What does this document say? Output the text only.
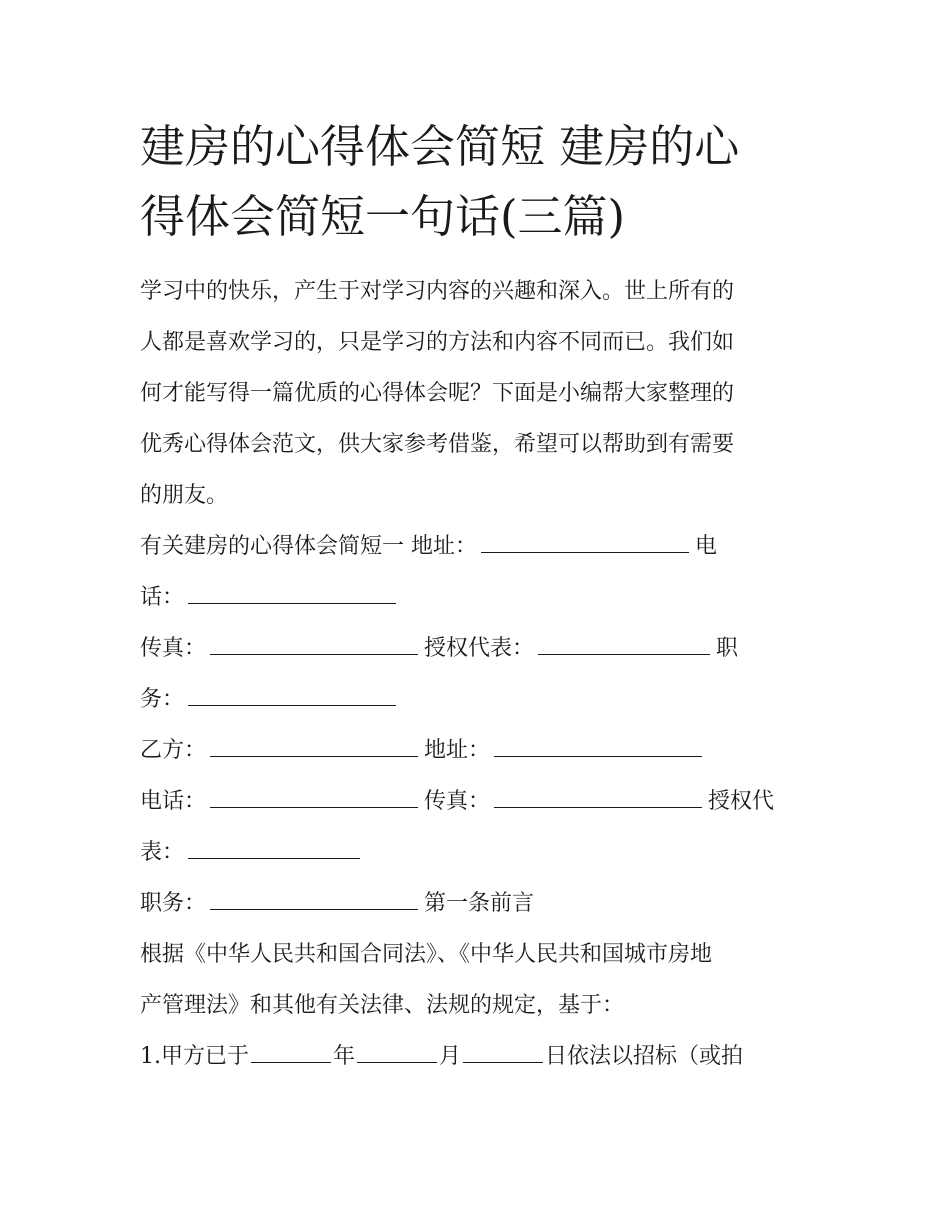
建房的心得体会简短 建房的心
得体会简短一句话(三篇)
学习中的快乐，产生于对学习内容的兴趣和深入。世上所有的
人都是喜欢学习的，只是学习的方法和内容不同而已。我们如
何才能写得一篇优质的心得体会呢？下面是小编帮大家整理的
优秀心得体会范文，供大家参考借鉴，希望可以帮助到有需要
的朋友。
有关建房的心得体会简短一 地址：	电
话：
传真：	授权代表：	职
务：
乙方：	地址：
电话：	传真：	授权代
表：
职务：	第一条前言
根据《中华人民共和国合同法》、《中华人民共和国城市房地
产管理法》和其他有关法律、法规的规定，基于：
1.甲方已于	年	月	日依法以招标（或拍
